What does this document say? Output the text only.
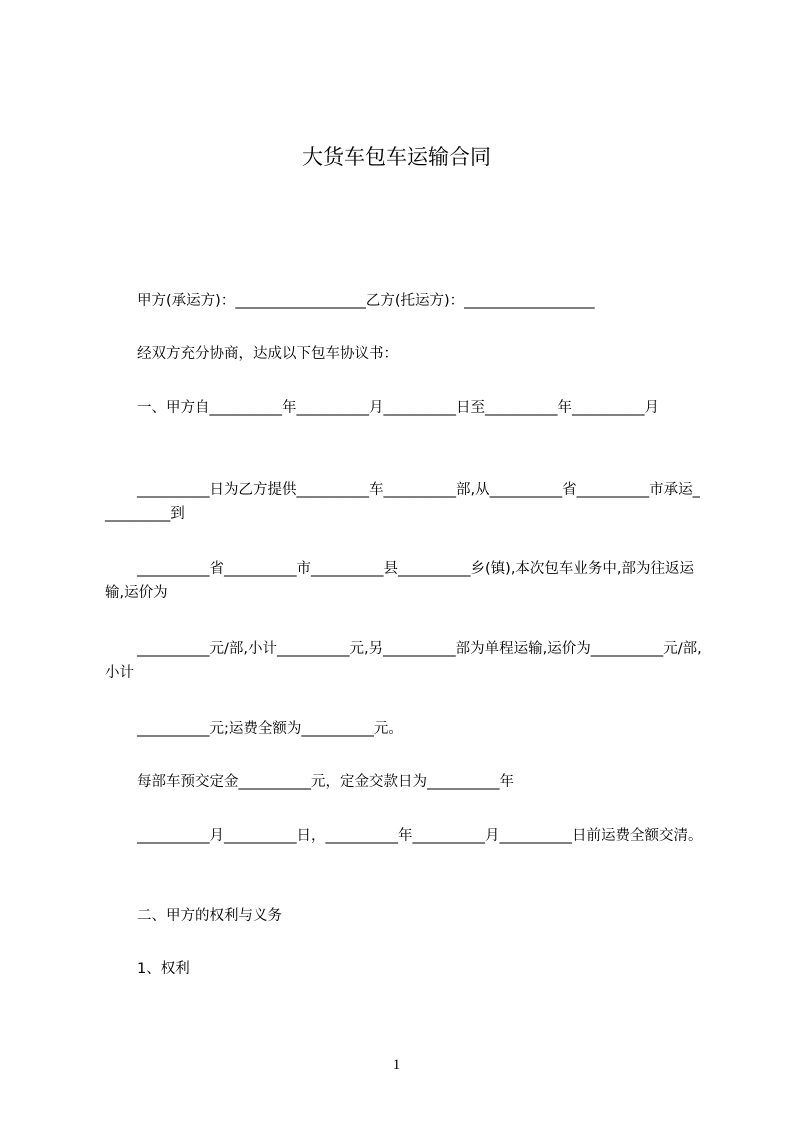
大货车包车运输合同
甲方(承运方)：__________________乙方(托运方)：__________________
经双方充分协商，达成以下包车协议书：
一、甲方自__________年__________月__________日至__________年__________月
__________日为乙方提供__________车__________部,从__________省__________市承运__________到
__________省__________市__________县__________乡(镇),本次包车业务中,部为往返运输,运价为
__________元/部,小计__________元,另__________部为单程运输,运价为__________元/部,小计
__________元;运费全额为__________元。
每部车预交定金__________元，定金交款日为__________年
__________月__________日，__________年__________月__________日前运费全额交清。
二、甲方的权利与义务
1、权利
1
